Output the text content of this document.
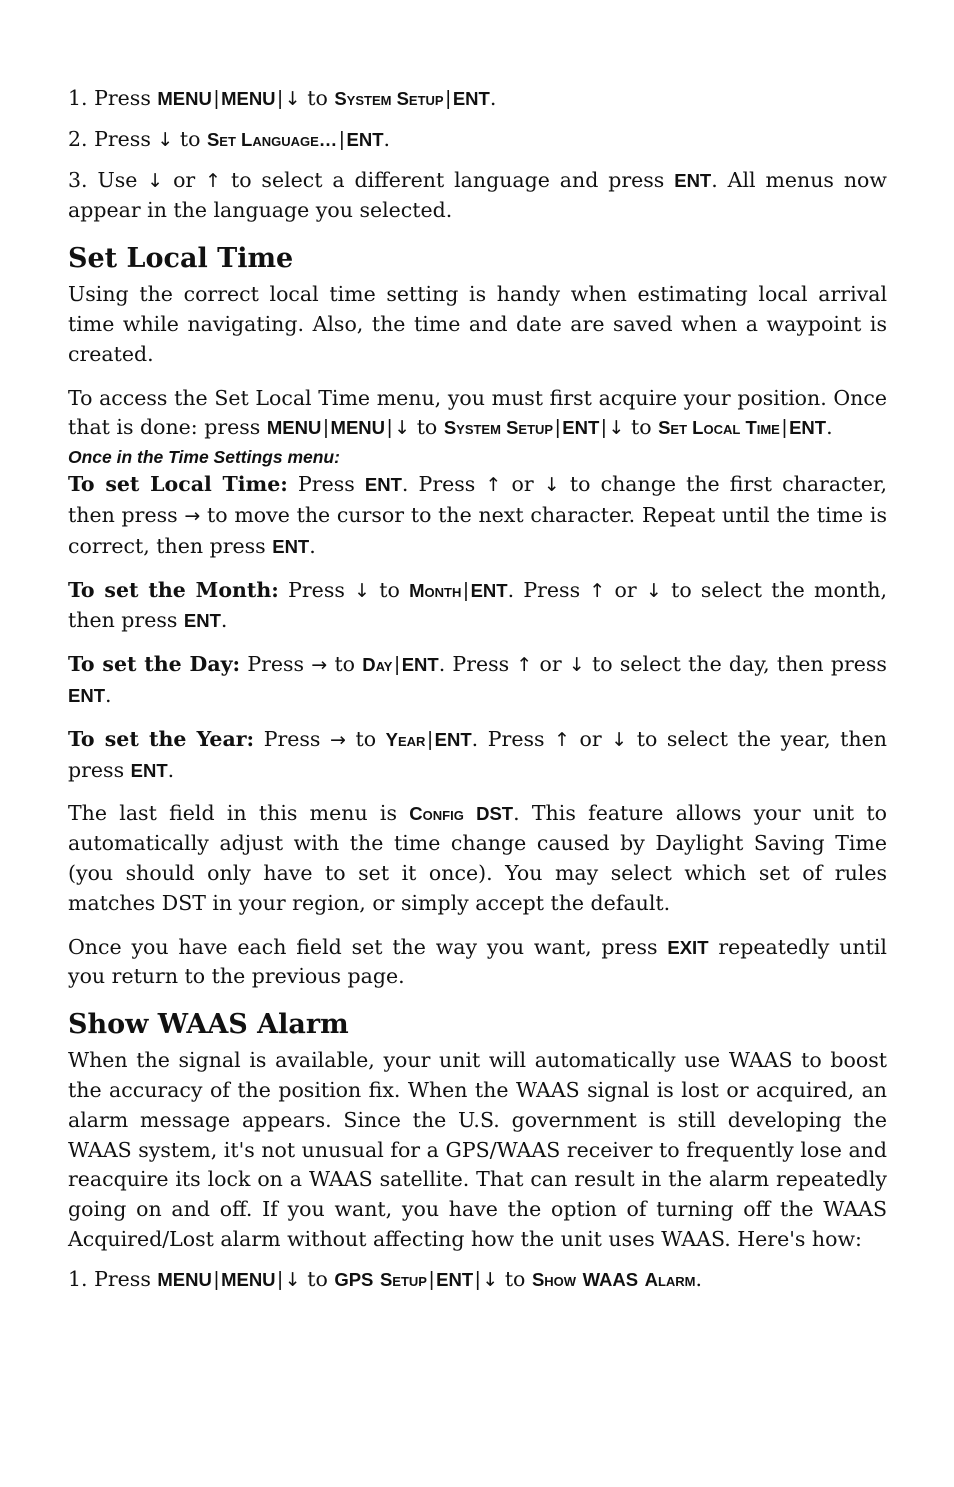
1. Press MENU | MENU | ↓ to System Setup | ENT.

2. Press ↓ to Set Language… | ENT.

3. Use ↓ or ↑ to select a different language and press ENT. All menus now appear in the language you selected.

Set Local Time

Using the correct local time setting is handy when estimating local arrival time while navigating. Also, the time and date are saved when a waypoint is created.

To access the Set Local Time menu, you must first acquire your position. Once that is done: press MENU | MENU | ↓ to System Setup | ENT | ↓ to Set Local Time | ENT.

Once in the Time Settings menu:

To set Local Time: Press ENT. Press ↑ or ↓ to change the first character, then press → to move the cursor to the next character. Repeat until the time is correct, then press ENT.

To set the Month: Press ↓ to Month | ENT. Press ↑ or ↓ to select the month, then press ENT.

To set the Day: Press → to Day | ENT. Press ↑ or ↓ to select the day, then press ENT.

To set the Year: Press → to Year | ENT. Press ↑ or ↓ to select the year, then press ENT.

The last field in this menu is Config DST. This feature allows your unit to automatically adjust with the time change caused by Daylight Saving Time (you should only have to set it once). You may select which set of rules matches DST in your region, or simply accept the default.

Once you have each field set the way you want, press EXIT repeatedly until you return to the previous page.

Show WAAS Alarm

When the signal is available, your unit will automatically use WAAS to boost the accuracy of the position fix. When the WAAS signal is lost or acquired, an alarm message appears. Since the U.S. government is still developing the WAAS system, it's not unusual for a GPS/WAAS receiver to frequently lose and reacquire its lock on a WAAS satellite. That can result in the alarm repeatedly going on and off. If you want, you have the option of turning off the WAAS Acquired/Lost alarm without affecting how the unit uses WAAS. Here's how:

1. Press MENU | MENU | ↓ to GPS Setup | ENT | ↓ to Show WAAS Alarm.
